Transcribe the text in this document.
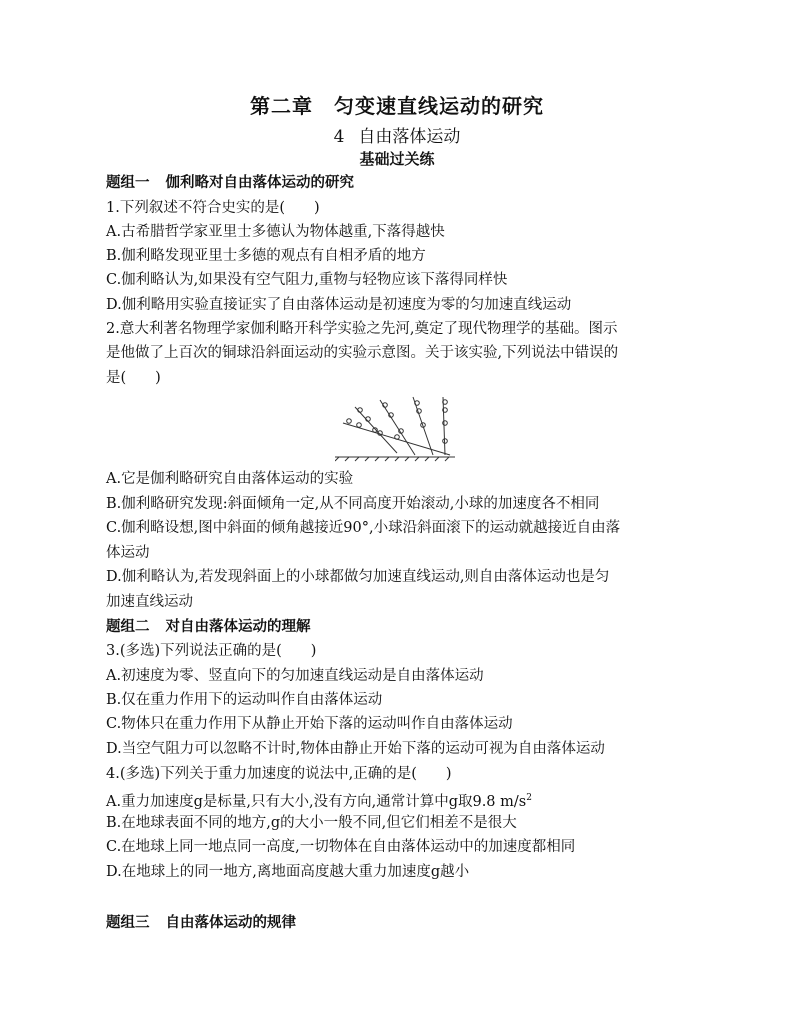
第二章　匀变速直线运动的研究
4 自由落体运动
基础过关练
题组一 伽利略对自由落体运动的研究
1.下列叙述不符合史实的是(　　)
A.古希腊哲学家亚里士多德认为物体越重,下落得越快
B.伽利略发现亚里士多德的观点有自相矛盾的地方
C.伽利略认为,如果没有空气阻力,重物与轻物应该下落得同样快
D.伽利略用实验直接证实了自由落体运动是初速度为零的匀加速直线运动
2.意大利著名物理学家伽利略开科学实验之先河,奠定了现代物理学的基础。图示
是他做了上百次的铜球沿斜面运动的实验示意图。关于该实验,下列说法中错误的
是(　　)
A.它是伽利略研究自由落体运动的实验
B.伽利略研究发现:斜面倾角一定,从不同高度开始滚动,小球的加速度各不相同
C.伽利略设想,图中斜面的倾角越接近90°,小球沿斜面滚下的运动就越接近自由落
体运动
D.伽利略认为,若发现斜面上的小球都做匀加速直线运动,则自由落体运动也是匀
加速直线运动
题组二 对自由落体运动的理解
3.(多选)下列说法正确的是(　　)
A.初速度为零、竖直向下的匀加速直线运动是自由落体运动
B.仅在重力作用下的运动叫作自由落体运动
C.物体只在重力作用下从静止开始下落的运动叫作自由落体运动
D.当空气阻力可以忽略不计时,物体由静止开始下落的运动可视为自由落体运动
4.(多选)下列关于重力加速度的说法中,正确的是(　　)
A.重力加速度g是标量,只有大小,没有方向,通常计算中g取9.8 $m/s^2$
B.在地球表面不同的地方,g的大小一般不同,但它们相差不是很大
C.在地球上同一地点同一高度,一切物体在自由落体运动中的加速度都相同
D.在地球上的同一地方,离地面高度越大重力加速度g越小
题组三 自由落体运动的规律
